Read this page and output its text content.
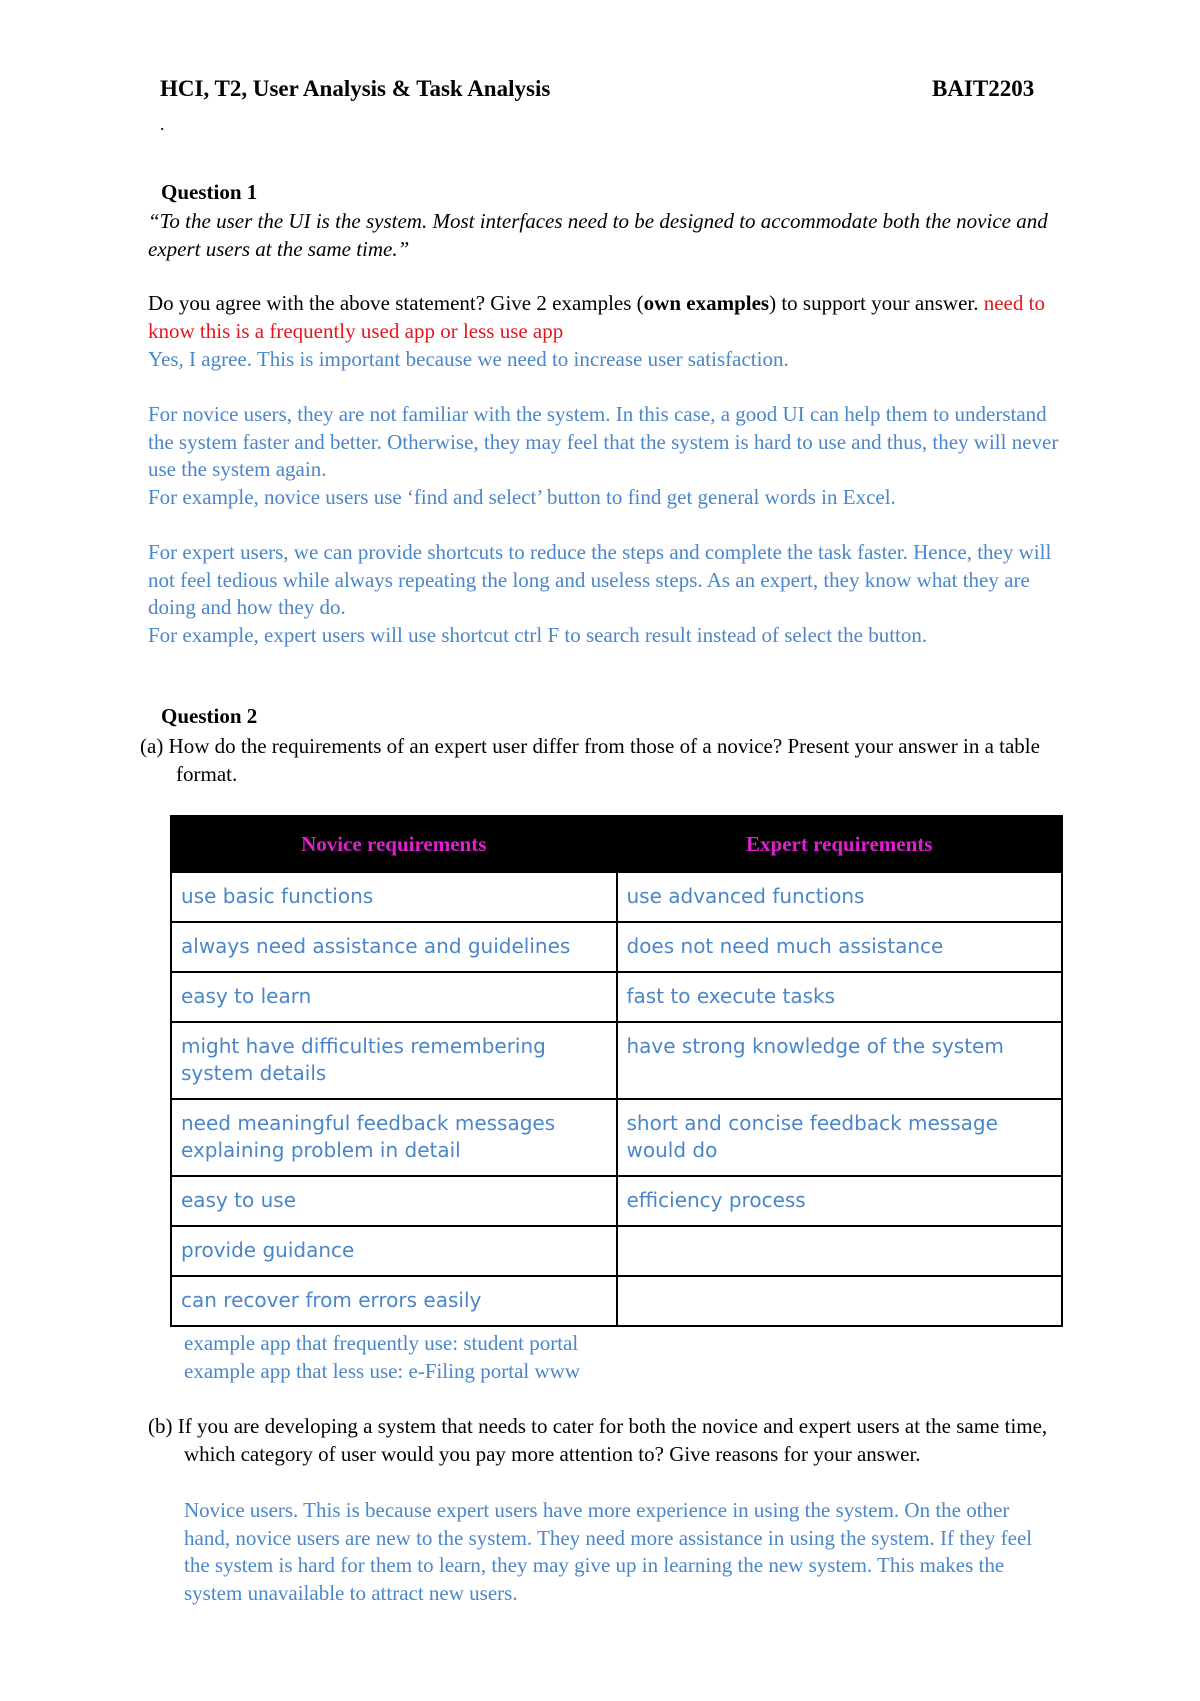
HCI, T2, User Analysis & Task Analysis	BAIT2203
.
Question 1
“To the user the UI is the system. Most interfaces need to be designed to accommodate both the novice and expert users at the same time.”
Do you agree with the above statement? Give 2 examples (own examples) to support your answer. need to know this is a frequently used app or less use app
Yes, I agree. This is important because we need to increase user satisfaction.
For novice users, they are not familiar with the system. In this case, a good UI can help them to understand the system faster and better. Otherwise, they may feel that the system is hard to use and thus, they will never use the system again.
For example, novice users use ‘find and select’ button to find get general words in Excel.
For expert users, we can provide shortcuts to reduce the steps and complete the task faster. Hence, they will not feel tedious while always repeating the long and useless steps. As an expert, they know what they are doing and how they do.
For example, expert users will use shortcut ctrl F to search result instead of select the button.
Question 2
(a) How do the requirements of an expert user differ from those of a novice? Present your answer in a table format.
Novice requirements	Expert requirements
use basic functions	use advanced functions
always need assistance and guidelines	does not need much assistance
easy to learn	fast to execute tasks
might have difficulties remembering system details	have strong knowledge of the system
need meaningful feedback messages explaining problem in detail	short and concise feedback message would do
easy to use	efficiency process
provide guidance	
can recover from errors easily	
example app that frequently use: student portal
example app that less use: e-Filing portal www
(b) If you are developing a system that needs to cater for both the novice and expert users at the same time, which category of user would you pay more attention to? Give reasons for your answer.
Novice users. This is because expert users have more experience in using the system. On the other hand, novice users are new to the system. They need more assistance in using the system. If they feel the system is hard for them to learn, they may give up in learning the new system. This makes the system unavailable to attract new users.
